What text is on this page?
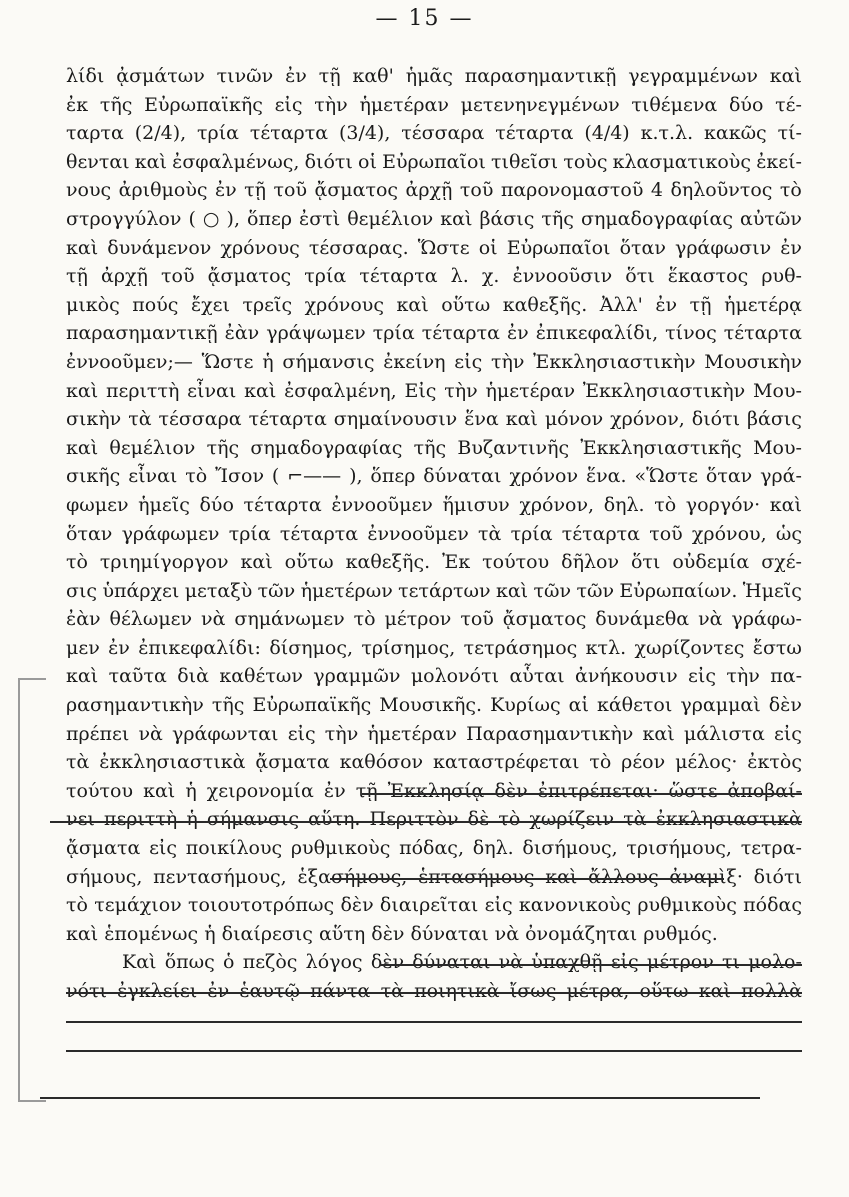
— 15 —
λίδι ᾀσμάτων τινῶν ἐν τῇ καθ' ἡμᾶς παρασημαντικῇ γεγραμμένων καὶ
ἐκ τῆς Εὐρωπαϊκῆς εἰς τὴν ἡμετέραν μετενηνεγμένων τιθέμενα δύο τέ-
ταρτα (2/4), τρία τέταρτα (3/4), τέσσαρα τέταρτα (4/4) κ.τ.λ. κακῶς τί-
θενται καὶ ἐσφαλμένως, διότι οἱ Εὐρωπαῖοι τιθεῖσι τοὺς κλασματικοὺς ἐκεί-
νους ἀριθμοὺς ἐν τῇ τοῦ ᾄσματος ἀρχῇ τοῦ παρονομαστοῦ 4 δηλοῦντος τὸ
στρογγύλον ( ○ ), ὅπερ ἐστὶ θεμέλιον καὶ βάσις τῆς σημαδογραφίας αὐτῶν
καὶ δυνάμενον χρόνους τέσσαρας. Ὥστε οἱ Εὐρωπαῖοι ὅταν γράφωσιν ἐν
τῇ ἀρχῇ τοῦ ᾄσματος τρία τέταρτα λ. χ. ἐννοοῦσιν ὅτι ἕκαστος ρυθ-
μικὸς πούς ἔχει τρεῖς χρόνους καὶ οὕτω καθεξῆς. Ἀλλ' ἐν τῇ ἡμετέρᾳ
παρασημαντικῇ ἐὰν γράψωμεν τρία τέταρτα ἐν ἐπικεφαλίδι, τίνος τέταρτα
ἐννοοῦμεν;— Ὥστε ἡ σήμανσις ἐκείνη εἰς τὴν Ἐκκλησιαστικὴν Μουσικὴν
καὶ περιττὴ εἶναι καὶ ἐσφαλμένη, Εἰς τὴν ἡμετέραν Ἐκκλησιαστικὴν Μου-
σικὴν τὰ τέσσαρα τέταρτα σημαίνουσιν ἕνα καὶ μόνον χρόνον, διότι βάσις
καὶ θεμέλιον τῆς σημαδογραφίας τῆς Βυζαντινῆς Ἐκκλησιαστικῆς Μου-
σικῆς εἶναι τὸ Ἴσον ( ⌐—— ), ὅπερ δύναται χρόνον ἕνα. «Ὥστε ὅταν γρά-
φωμεν ἡμεῖς δύο τέταρτα ἐννοοῦμεν ἥμισυν χρόνον, δηλ. τὸ γοργόν· καὶ
ὅταν γράφωμεν τρία τέταρτα ἐννοοῦμεν τὰ τρία τέταρτα τοῦ χρόνου, ὡς
τὸ τριημίγοργον καὶ οὕτω καθεξῆς. Ἐκ τούτου δῆλον ὅτι οὐδεμία σχέ-
σις ὑπάρχει μεταξὺ τῶν ἡμετέρων τετάρτων καὶ τῶν τῶν Εὐρωπαίων. Ἡμεῖς
ἐὰν θέλωμεν νὰ σημάνωμεν τὸ μέτρον τοῦ ᾄσματος δυνάμεθα νὰ γράφω-
μεν ἐν ἐπικεφαλίδι: δίσημος, τρίσημος, τετράσημος κτλ. χωρίζοντες ἔστω
καὶ ταῦτα διὰ καθέτων γραμμῶν μολονότι αὗται ἀνήκουσιν εἰς τὴν πα-
ρασημαντικὴν τῆς Εὐρωπαϊκῆς Μουσικῆς. Κυρίως αἱ κάθετοι γραμμαὶ δὲν
πρέπει νὰ γράφωνται εἰς τὴν ἡμετέραν Παρασημαντικὴν καὶ μάλιστα εἰς
τὰ ἐκκλησιαστικὰ ᾄσματα καθόσον καταστρέφεται τὸ ρέον μέλος· ἐκτὸς
τούτου καὶ ἡ χειρονομία ἐν τῇ Ἐκκλησίᾳ δὲν ἐπιτρέπεται· ὥστε ἀποβαί-
νει περιττὴ ἡ σήμανσις αὕτη. Περιττὸν δὲ τὸ χωρίζειν τὰ ἐκκλησιαστικὰ
ᾄσματα εἰς ποικίλους ρυθμικοὺς πόδας, δηλ. δισήμους, τρισήμους, τετρα-
σήμους, πεντασήμους, ἑξασήμους, ἑπτασήμους καὶ ἄλλους ἀναμὶξ· διότι
τὸ τεμάχιον τοιουτοτρόπως δὲν διαιρεῖται εἰς κανονικοὺς ρυθμικοὺς πόδας
καὶ ἑπομένως ἡ διαίρεσις αὕτη δὲν δύναται νὰ ὀνομάζηται ρυθμός.
Καὶ ὅπως ὁ πεζὸς λόγος δὲν δύναται νὰ ὑπαχθῇ εἰς μέτρον τι μολο-
νότι ἐγκλείει ἐν ἑαυτῷ πάντα τὰ ποιητικὰ ἴσως μέτρα, οὕτω καὶ πολλὰ
